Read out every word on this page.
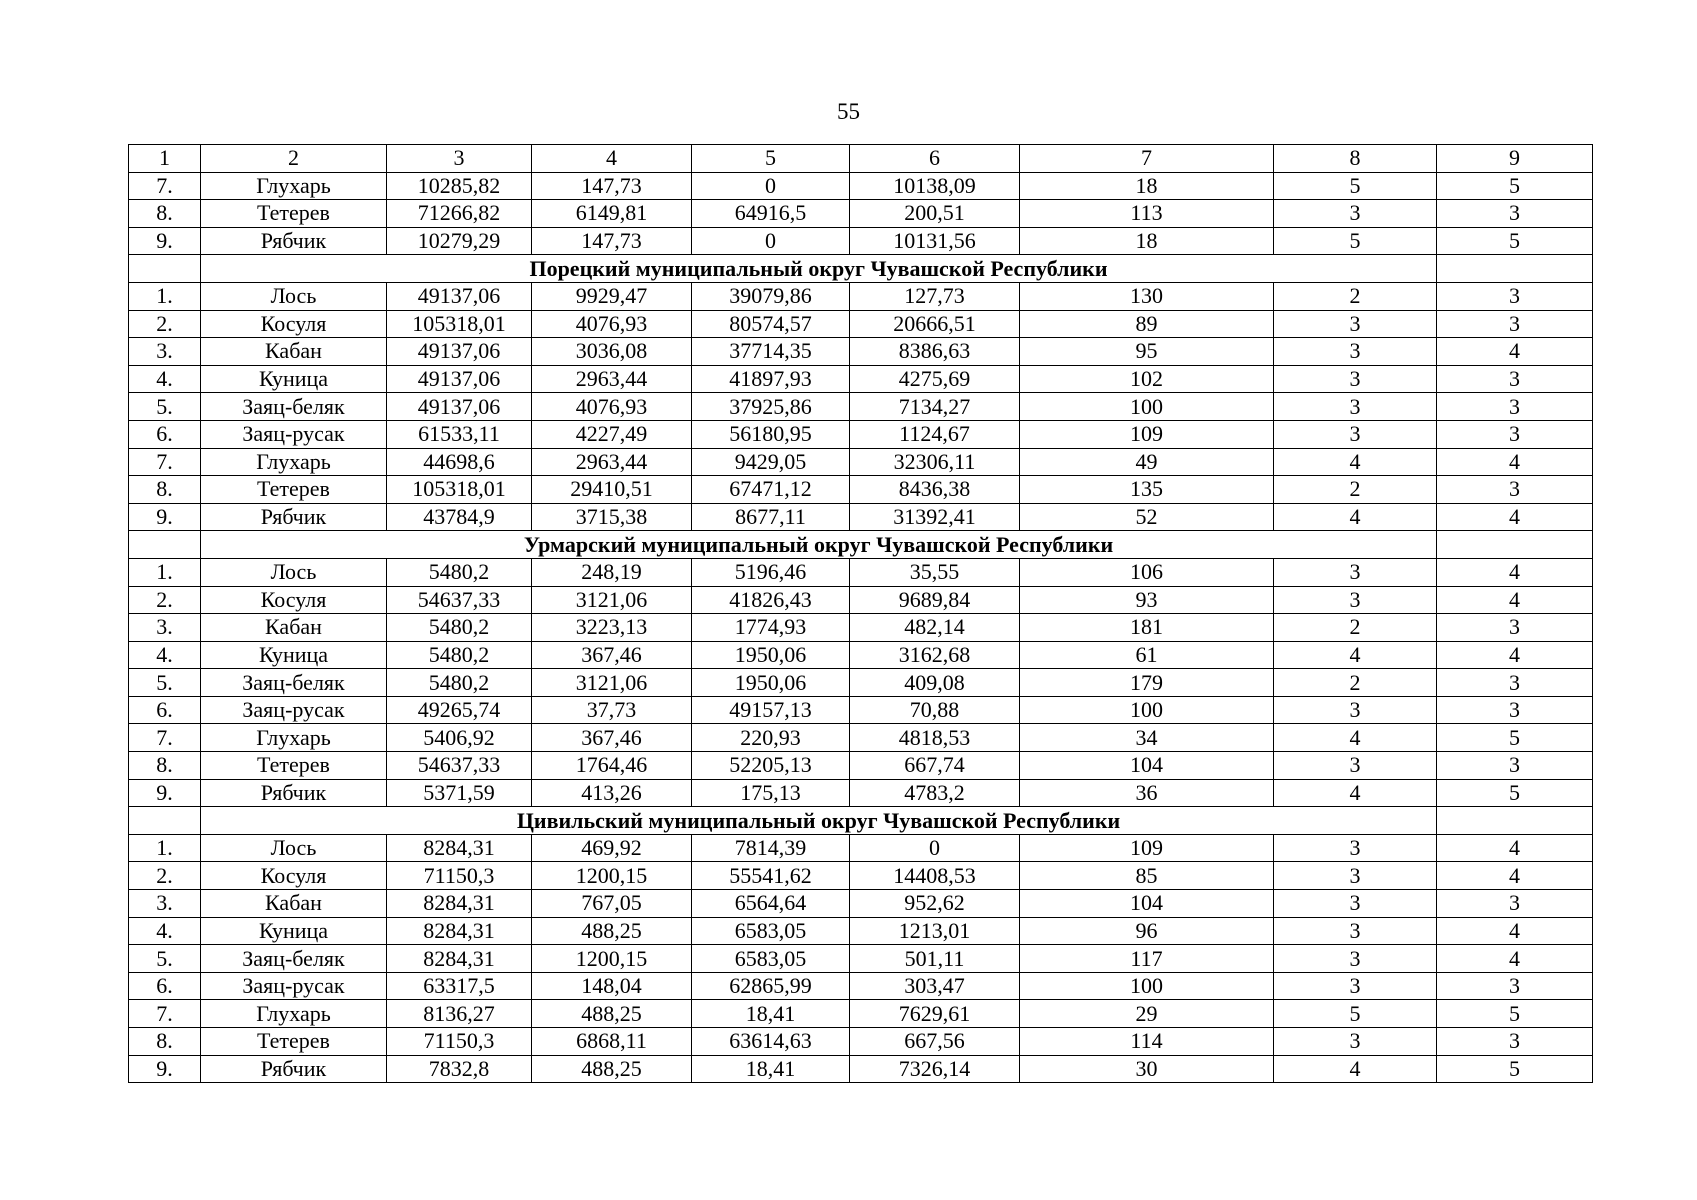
55
1	2	3	4	5	6	7	8	9
7.	Глухарь	10285,82	147,73	0	10138,09	18	5	5
8.	Тетерев	71266,82	6149,81	64916,5	200,51	113	3	3
9.	Рябчик	10279,29	147,73	0	10131,56	18	5	5
	Порецкий муниципальный округ Чувашской Республики							
1.	Лось	49137,06	9929,47	39079,86	127,73	130	2	3
2.	Косуля	105318,01	4076,93	80574,57	20666,51	89	3	3
3.	Кабан	49137,06	3036,08	37714,35	8386,63	95	3	4
4.	Куница	49137,06	2963,44	41897,93	4275,69	102	3	3
5.	Заяц-беляк	49137,06	4076,93	37925,86	7134,27	100	3	3
6.	Заяц-русак	61533,11	4227,49	56180,95	1124,67	109	3	3
7.	Глухарь	44698,6	2963,44	9429,05	32306,11	49	4	4
8.	Тетерев	105318,01	29410,51	67471,12	8436,38	135	2	3
9.	Рябчик	43784,9	3715,38	8677,11	31392,41	52	4	4
	Урмарский муниципальный округ Чувашской Республики							
1.	Лось	5480,2	248,19	5196,46	35,55	106	3	4
2.	Косуля	54637,33	3121,06	41826,43	9689,84	93	3	4
3.	Кабан	5480,2	3223,13	1774,93	482,14	181	2	3
4.	Куница	5480,2	367,46	1950,06	3162,68	61	4	4
5.	Заяц-беляк	5480,2	3121,06	1950,06	409,08	179	2	3
6.	Заяц-русак	49265,74	37,73	49157,13	70,88	100	3	3
7.	Глухарь	5406,92	367,46	220,93	4818,53	34	4	5
8.	Тетерев	54637,33	1764,46	52205,13	667,74	104	3	3
9.	Рябчик	5371,59	413,26	175,13	4783,2	36	4	5
	Цивильский муниципальный округ Чувашской Республики							
1.	Лось	8284,31	469,92	7814,39	0	109	3	4
2.	Косуля	71150,3	1200,15	55541,62	14408,53	85	3	4
3.	Кабан	8284,31	767,05	6564,64	952,62	104	3	3
4.	Куница	8284,31	488,25	6583,05	1213,01	96	3	4
5.	Заяц-беляк	8284,31	1200,15	6583,05	501,11	117	3	4
6.	Заяц-русак	63317,5	148,04	62865,99	303,47	100	3	3
7.	Глухарь	8136,27	488,25	18,41	7629,61	29	5	5
8.	Тетерев	71150,3	6868,11	63614,63	667,56	114	3	3
9.	Рябчик	7832,8	488,25	18,41	7326,14	30	4	5
